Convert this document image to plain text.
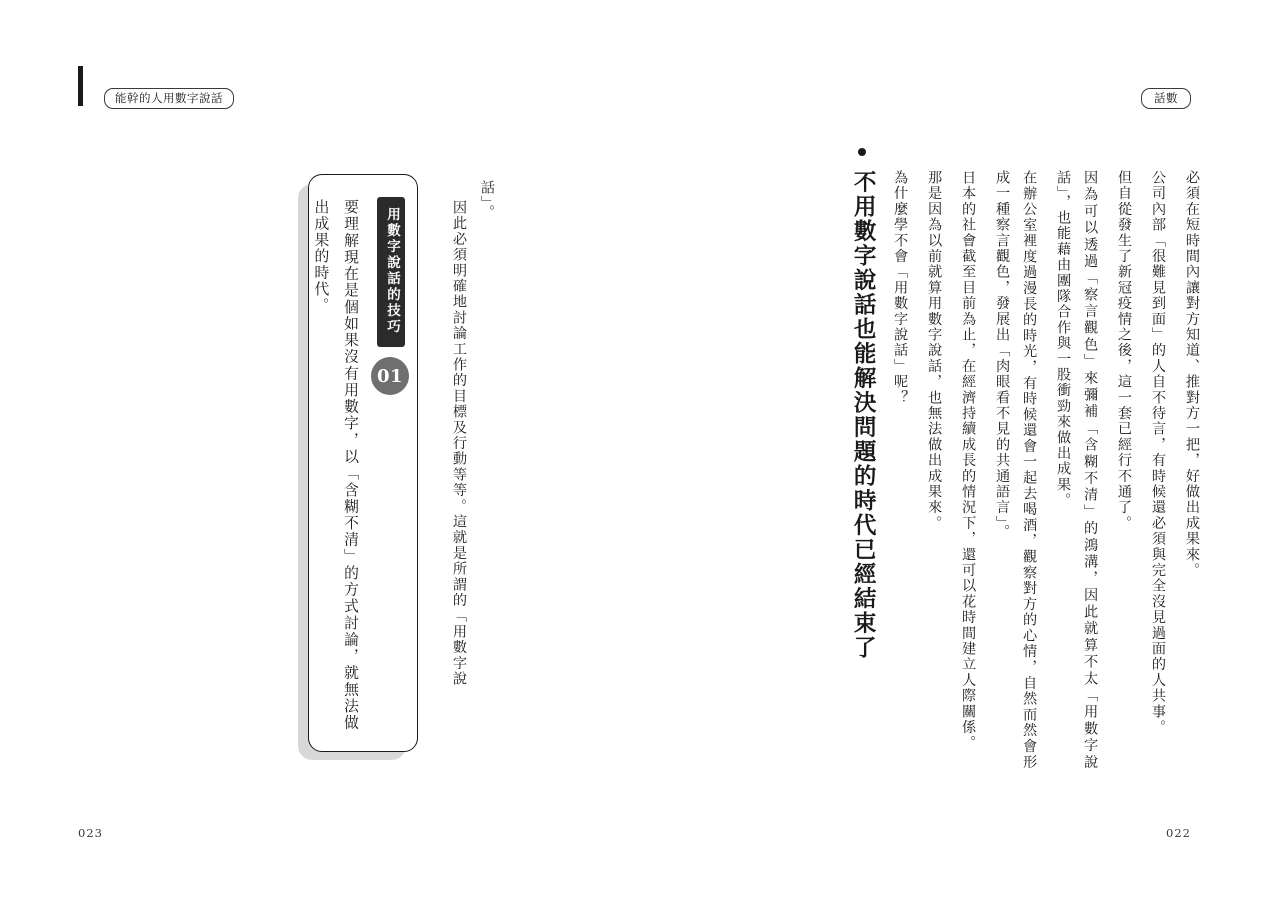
能幹的人用數字說話	話數
不用數字說話也能解決問題的時代已經結束了	為什麼學不會「用數字說話」呢？	那是因為以前就算用數字說話，也無法做出成果來。	日本的社會截至目前為止，在經濟持續成長的情況下，還可以花時間建立人際關係。	在辦公室裡度過漫長的時光，有時候還會一起去喝酒，觀察對方的心情，自然而然會形成一種察言觀色，發展出「肉眼看不見的共通語言」。	因為可以透過「察言觀色」來彌補「含糊不清」的鴻溝，因此就算不太「用數字說話」，也能藉由團隊合作與一股衝勁來做出成果。	但自從發生了新冠疫情之後，這一套已經行不通了。	公司內部「很難見到面」的人自不待言，有時候還必須與完全沒見過面的人共事。	必須在短時間內讓對方知道、推對方一把，好做出成果來。
話」。
因此必須明確地討論工作的目標及行動等等。這就是所謂的「用數字說
用數字說話的技巧
01
要理解現在是個如果沒有用數字，以「含糊不清」的方式討論，就無法做出成果的時代。
023	022
